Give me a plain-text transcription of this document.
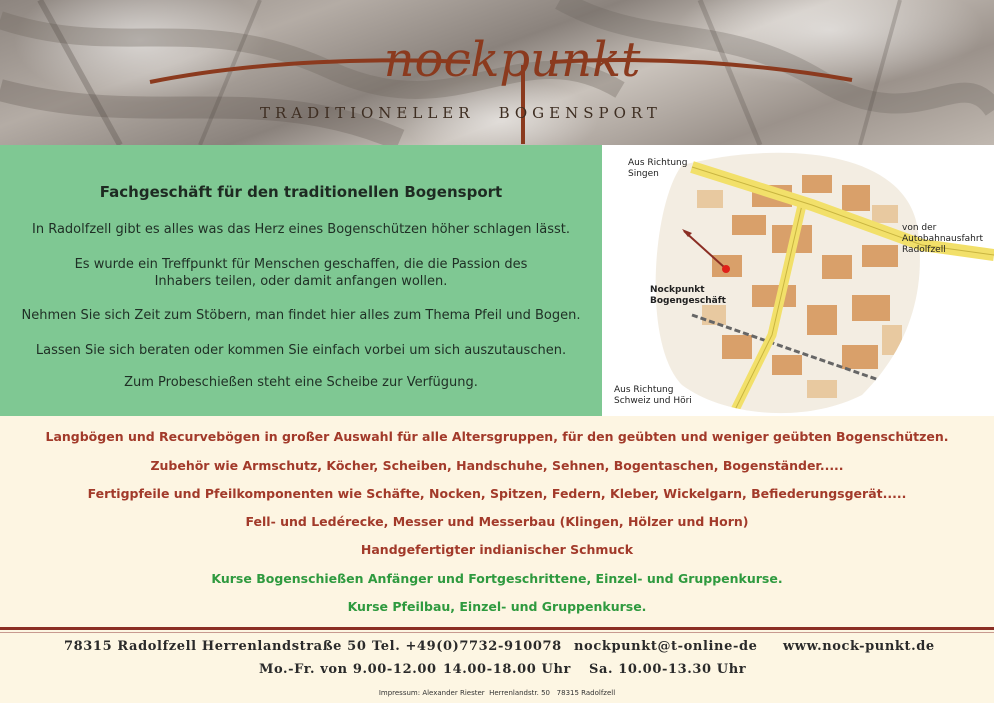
nockpunkt
TRADITIONELLER BOGENSPORT
Fachgeschäft für den traditionellen Bogensport

In Radolfzell gibt es alles was das Herz eines Bogenschützen höher schlagen lässt.

Es wurde ein Treffpunkt für Menschen geschaffen, die die Passion des Inhabers teilen, oder damit anfangen wollen.

Nehmen Sie sich Zeit zum Stöbern, man findet hier alles zum Thema Pfeil und Bogen.

Lassen Sie sich beraten oder kommen Sie einfach vorbei um sich auszutauschen.

Zum Probeschießen steht eine Scheibe zur Verfügung.

Aus Richtung
Singen
von der
Autobahnausfahrt
Radolfzell
Nockpunkt
Bogengeschäft
Aus Richtung
Schweiz und Höri
Langbögen und Recurvebögen in großer Auswahl für alle Altersgruppen, für den geübten und weniger geübten Bogenschützen.
Zubehör wie Armschutz, Köcher, Scheiben, Handschuhe, Sehnen, Bogentaschen, Bogenständer.....
Fertigpfeile und Pfeilkomponenten wie Schäfte, Nocken, Spitzen, Federn, Kleber, Wickelgarn, Befiederungsgerät.....
Fell- und Ledérecke, Messer und Messerbau (Klingen, Hölzer und Horn)
Handgefertigter indianischer Schmuck
Kurse Bogenschießen Anfänger und Fortgeschrittene, Einzel- und Gruppenkurse.
Kurse Pfeilbau, Einzel- und Gruppenkurse.
78315 Radolfzell Herrenlandstraße 50 Tel. +49(0)7732-910078 nockpunkt@t-online-de www.nock-punkt.de
Mo.-Fr. von 9.00-12.00 14.00-18.00 Uhr Sa. 10.00-13.30 Uhr
Impressum: Alexander Riester  Herrenlandstr. 50   78315 Radolfzell
